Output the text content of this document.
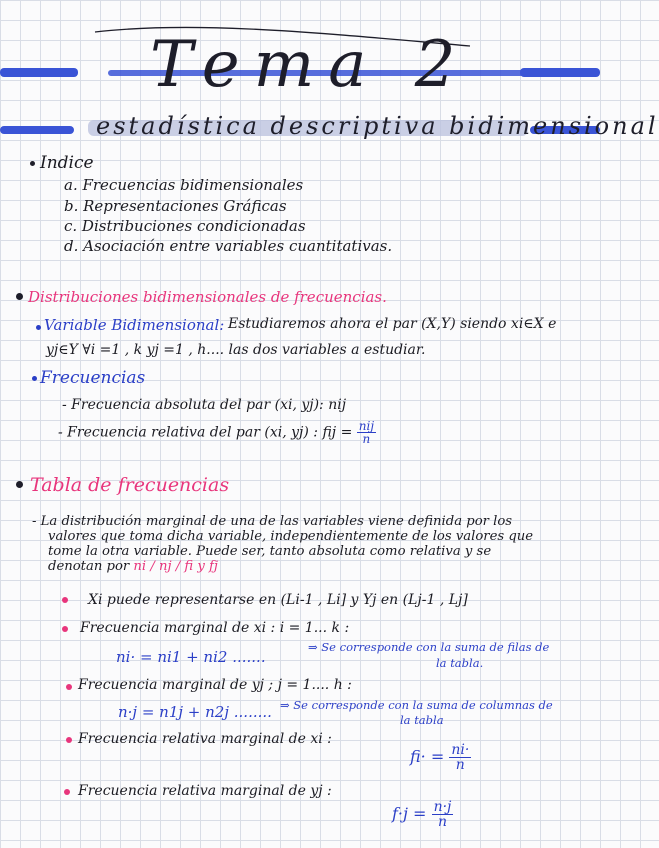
Tema 2
estadística descriptiva bidimensional
Indice
a. Frecuencias bidimensionales
b. Representaciones Gráficas
c. Distribuciones condicionadas
d. Asociación entre variables cuantitativas.
Distribuciones bidimensionales de frecuencias.
Variable Bidimensional: Estudiaremos ahora el par (X,Y) siendo xi∈X e
yj∈Y ∀i =1 , k yj =1 , h.... las dos variables a estudiar.
Frecuencias
- Frecuencia absoluta del par (xi, yj): nij
- Frecuencia relativa del par (xi, yj) : fij = $\frac{\text{nij}}{n}$
Tabla de frecuencias
- La distribución marginal de una de las variables viene definida por los
valores que toma dicha variable, independientemente de los valores que
tome la otra variable. Puede ser, tanto absoluta como relativa y se
denotan por ni / nj / fi y fj
Xi puede representarse en (Li-1 , Li] y Yj en (Lj-1 , Lj]
Frecuencia marginal de xi : i = 1... k :
ni· = ni1 + ni2 .......
⇒ Se corresponde con la suma de filas de
la tabla.
Frecuencia marginal de yj ; j = 1.... h :
n·j = n1j + n2j ........ ⇒ Se corresponde con la suma de columnas de
la tabla
Frecuencia relativa marginal de xi :
$fi\cdot = \frac{ni\cdot}{n}$
Frecuencia relativa marginal de yj :
$f\cdot j = \frac{n\cdot j}{n}$
